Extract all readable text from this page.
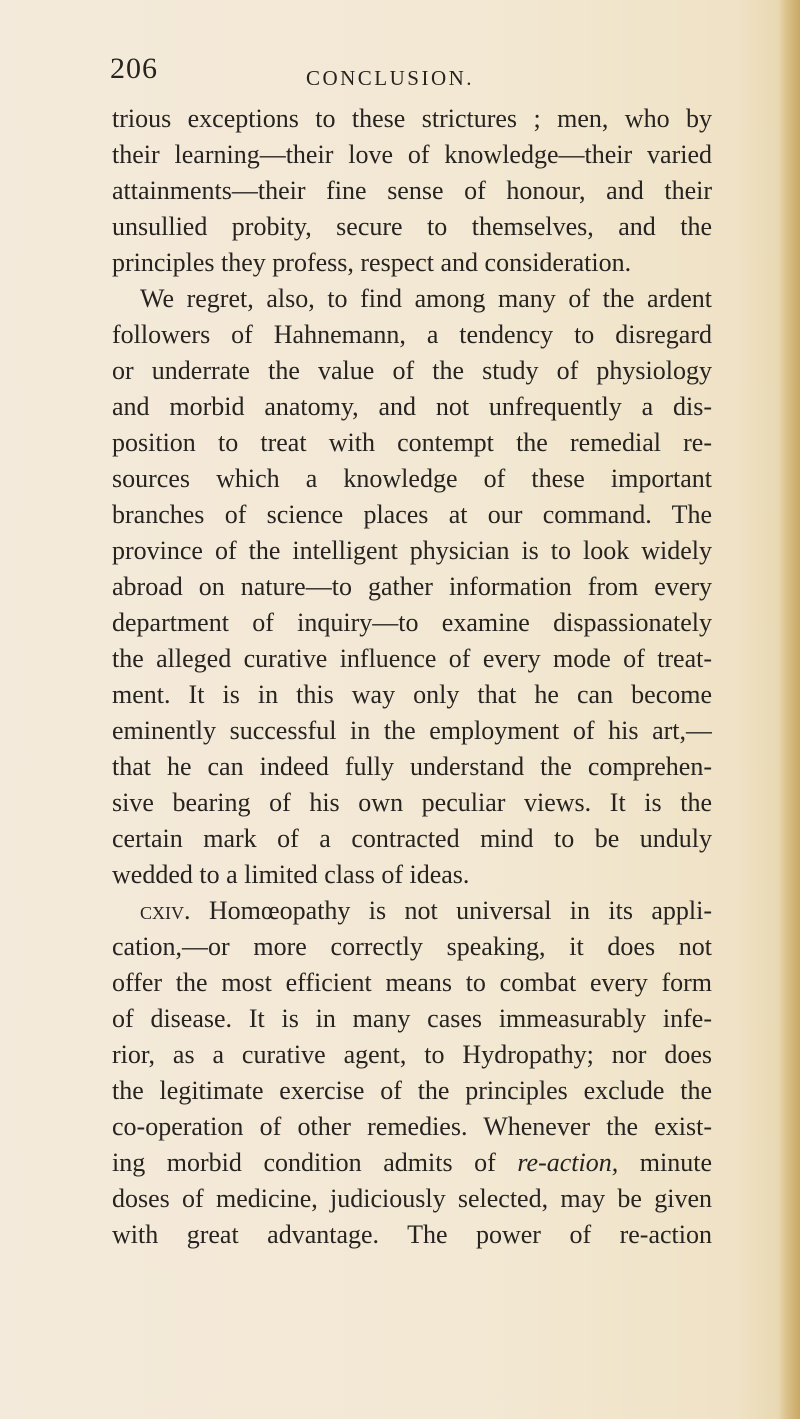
206	CONCLUSION.
trious exceptions to these strictures ; men, who by
their learning—their love of knowledge—their varied
attainments—their fine sense of honour, and their
unsullied probity, secure to themselves, and the
principles they profess, respect and consideration.
We regret, also, to find among many of the ardent
followers of Hahnemann, a tendency to disregard
or underrate the value of the study of physiology
and morbid anatomy, and not unfrequently a dis-
position to treat with contempt the remedial re-
sources which a knowledge of these important
branches of science places at our command. The
province of the intelligent physician is to look widely
abroad on nature—to gather information from every
department of inquiry—to examine dispassionately
the alleged curative influence of every mode of treat-
ment. It is in this way only that he can become
eminently successful in the employment of his art,—
that he can indeed fully understand the comprehen-
sive bearing of his own peculiar views. It is the
certain mark of a contracted mind to be unduly
wedded to a limited class of ideas.
cxiv. Homœopathy is not universal in its appli-
cation,—or more correctly speaking, it does not
offer the most efficient means to combat every form
of disease. It is in many cases immeasurably infe-
rior, as a curative agent, to Hydropathy; nor does
the legitimate exercise of the principles exclude the
co-operation of other remedies. Whenever the exist-
ing morbid condition admits of re-action, minute
doses of medicine, judiciously selected, may be given
with great advantage. The power of re-action
